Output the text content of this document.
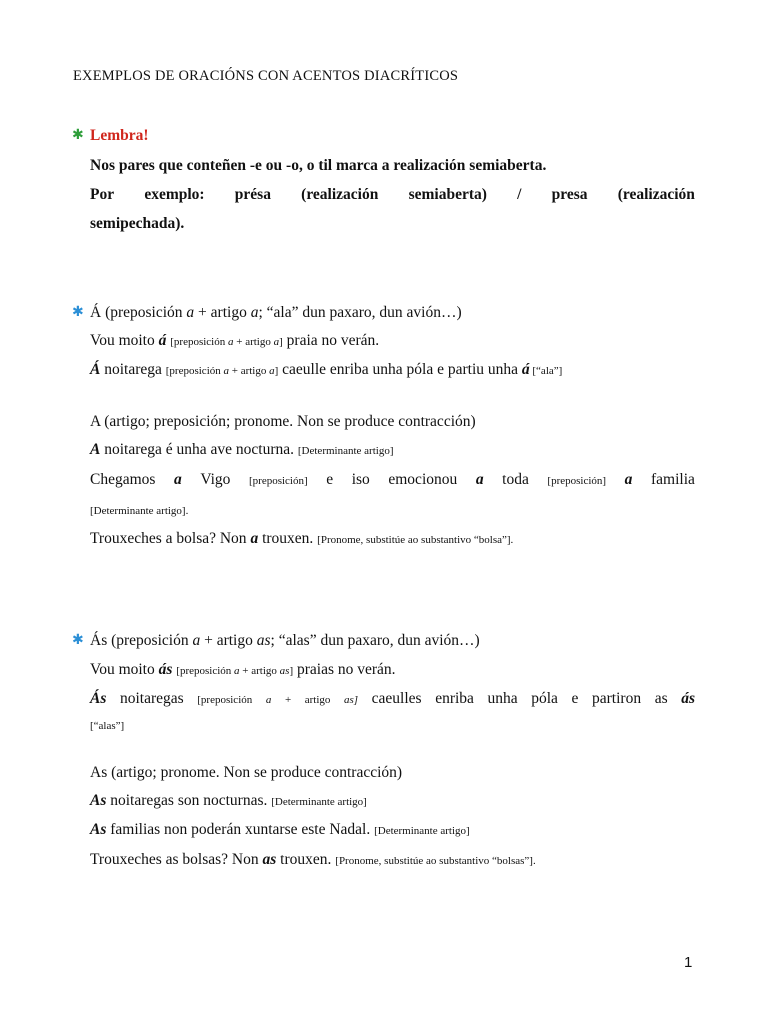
EXEMPLOS DE ORACIÓNS CON ACENTOS DIACRÍTICOS
✱ Lembra!
Nos pares que conteñen -e ou -o, o til marca a realización semiaberta.
Por exemplo: présa (realización semiaberta) / presa (realización
semipechada).
✱ Á (preposición a + artigo a; “ala” dun paxaro, dun avión…)
Vou moito á [preposición a + artigo a] praia no verán.
Á noitarega [preposición a + artigo a] caeulle enriba unha póla e partiu unha á [“ala”]
A (artigo; preposición; pronome. Non se produce contracción)
A noitarega é unha ave nocturna. [Determinante artigo]
Chegamos a Vigo [preposición] e iso emocionou a toda [preposición] a familia
[Determinante artigo].
Trouxeches a bolsa? Non a trouxen. [Pronome, substitúe ao substantivo “bolsa”].
✱ Ás (preposición a + artigo as; “alas” dun paxaro, dun avión…)
Vou moito ás [preposición a + artigo as] praias no verán.
Ás noitaregas [preposición a + artigo as] caeulles enriba unha póla e partiron as ás
[“alas”]
As (artigo; pronome. Non se produce contracción)
As noitaregas son nocturnas. [Determinante artigo]
As familias non poderán xuntarse este Nadal. [Determinante artigo]
Trouxeches as bolsas? Non as trouxen. [Pronome, substitúe ao substantivo “bolsas”].
1
